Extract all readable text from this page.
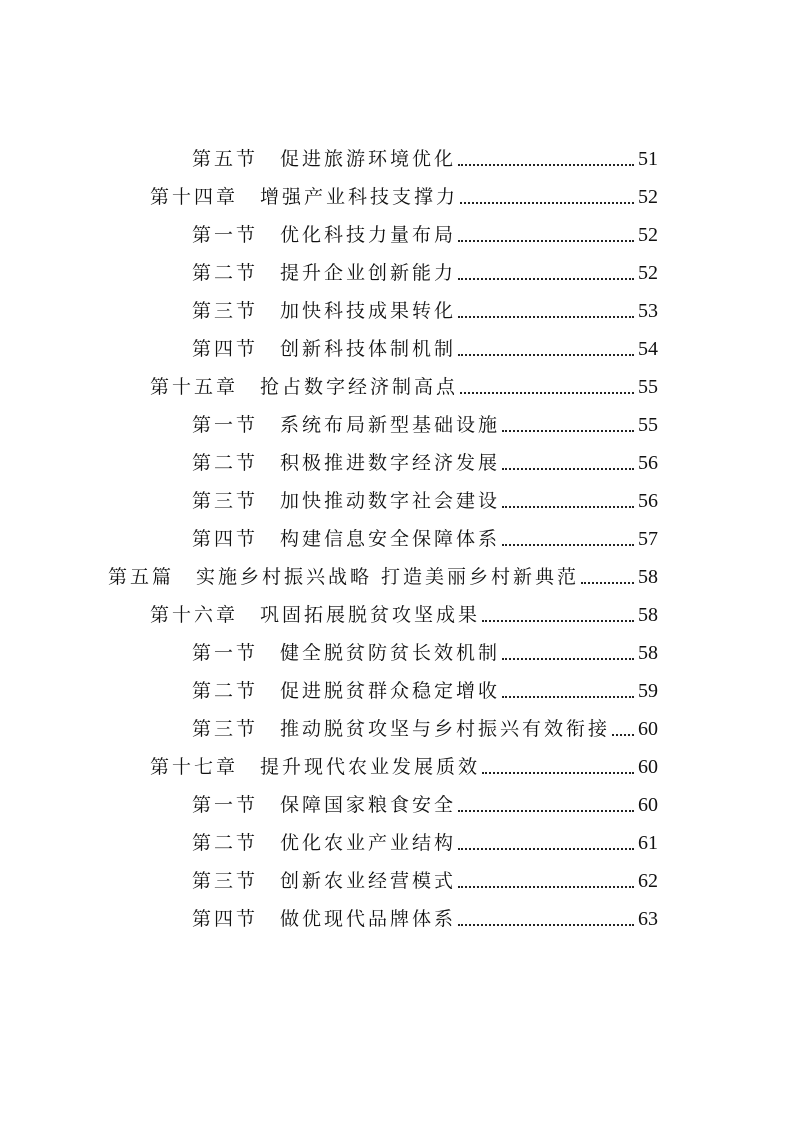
第五节 促进旅游环境优化	51
第十四章 增强产业科技支撑力	52
第一节 优化科技力量布局	52
第二节 提升企业创新能力	52
第三节 加快科技成果转化	53
第四节 创新科技体制机制	54
第十五章 抢占数字经济制高点	55
第一节 系统布局新型基础设施	55
第二节 积极推进数字经济发展	56
第三节 加快推动数字社会建设	56
第四节 构建信息安全保障体系	57
第五篇 实施乡村振兴战略 打造美丽乡村新典范	58
第十六章 巩固拓展脱贫攻坚成果	58
第一节 健全脱贫防贫长效机制	58
第二节 促进脱贫群众稳定增收	59
第三节 推动脱贫攻坚与乡村振兴有效衔接 60
第十七章 提升现代农业发展质效	60
第一节 保障国家粮食安全	60
第二节 优化农业产业结构	61
第三节 创新农业经营模式	62
第四节 做优现代品牌体系	63
